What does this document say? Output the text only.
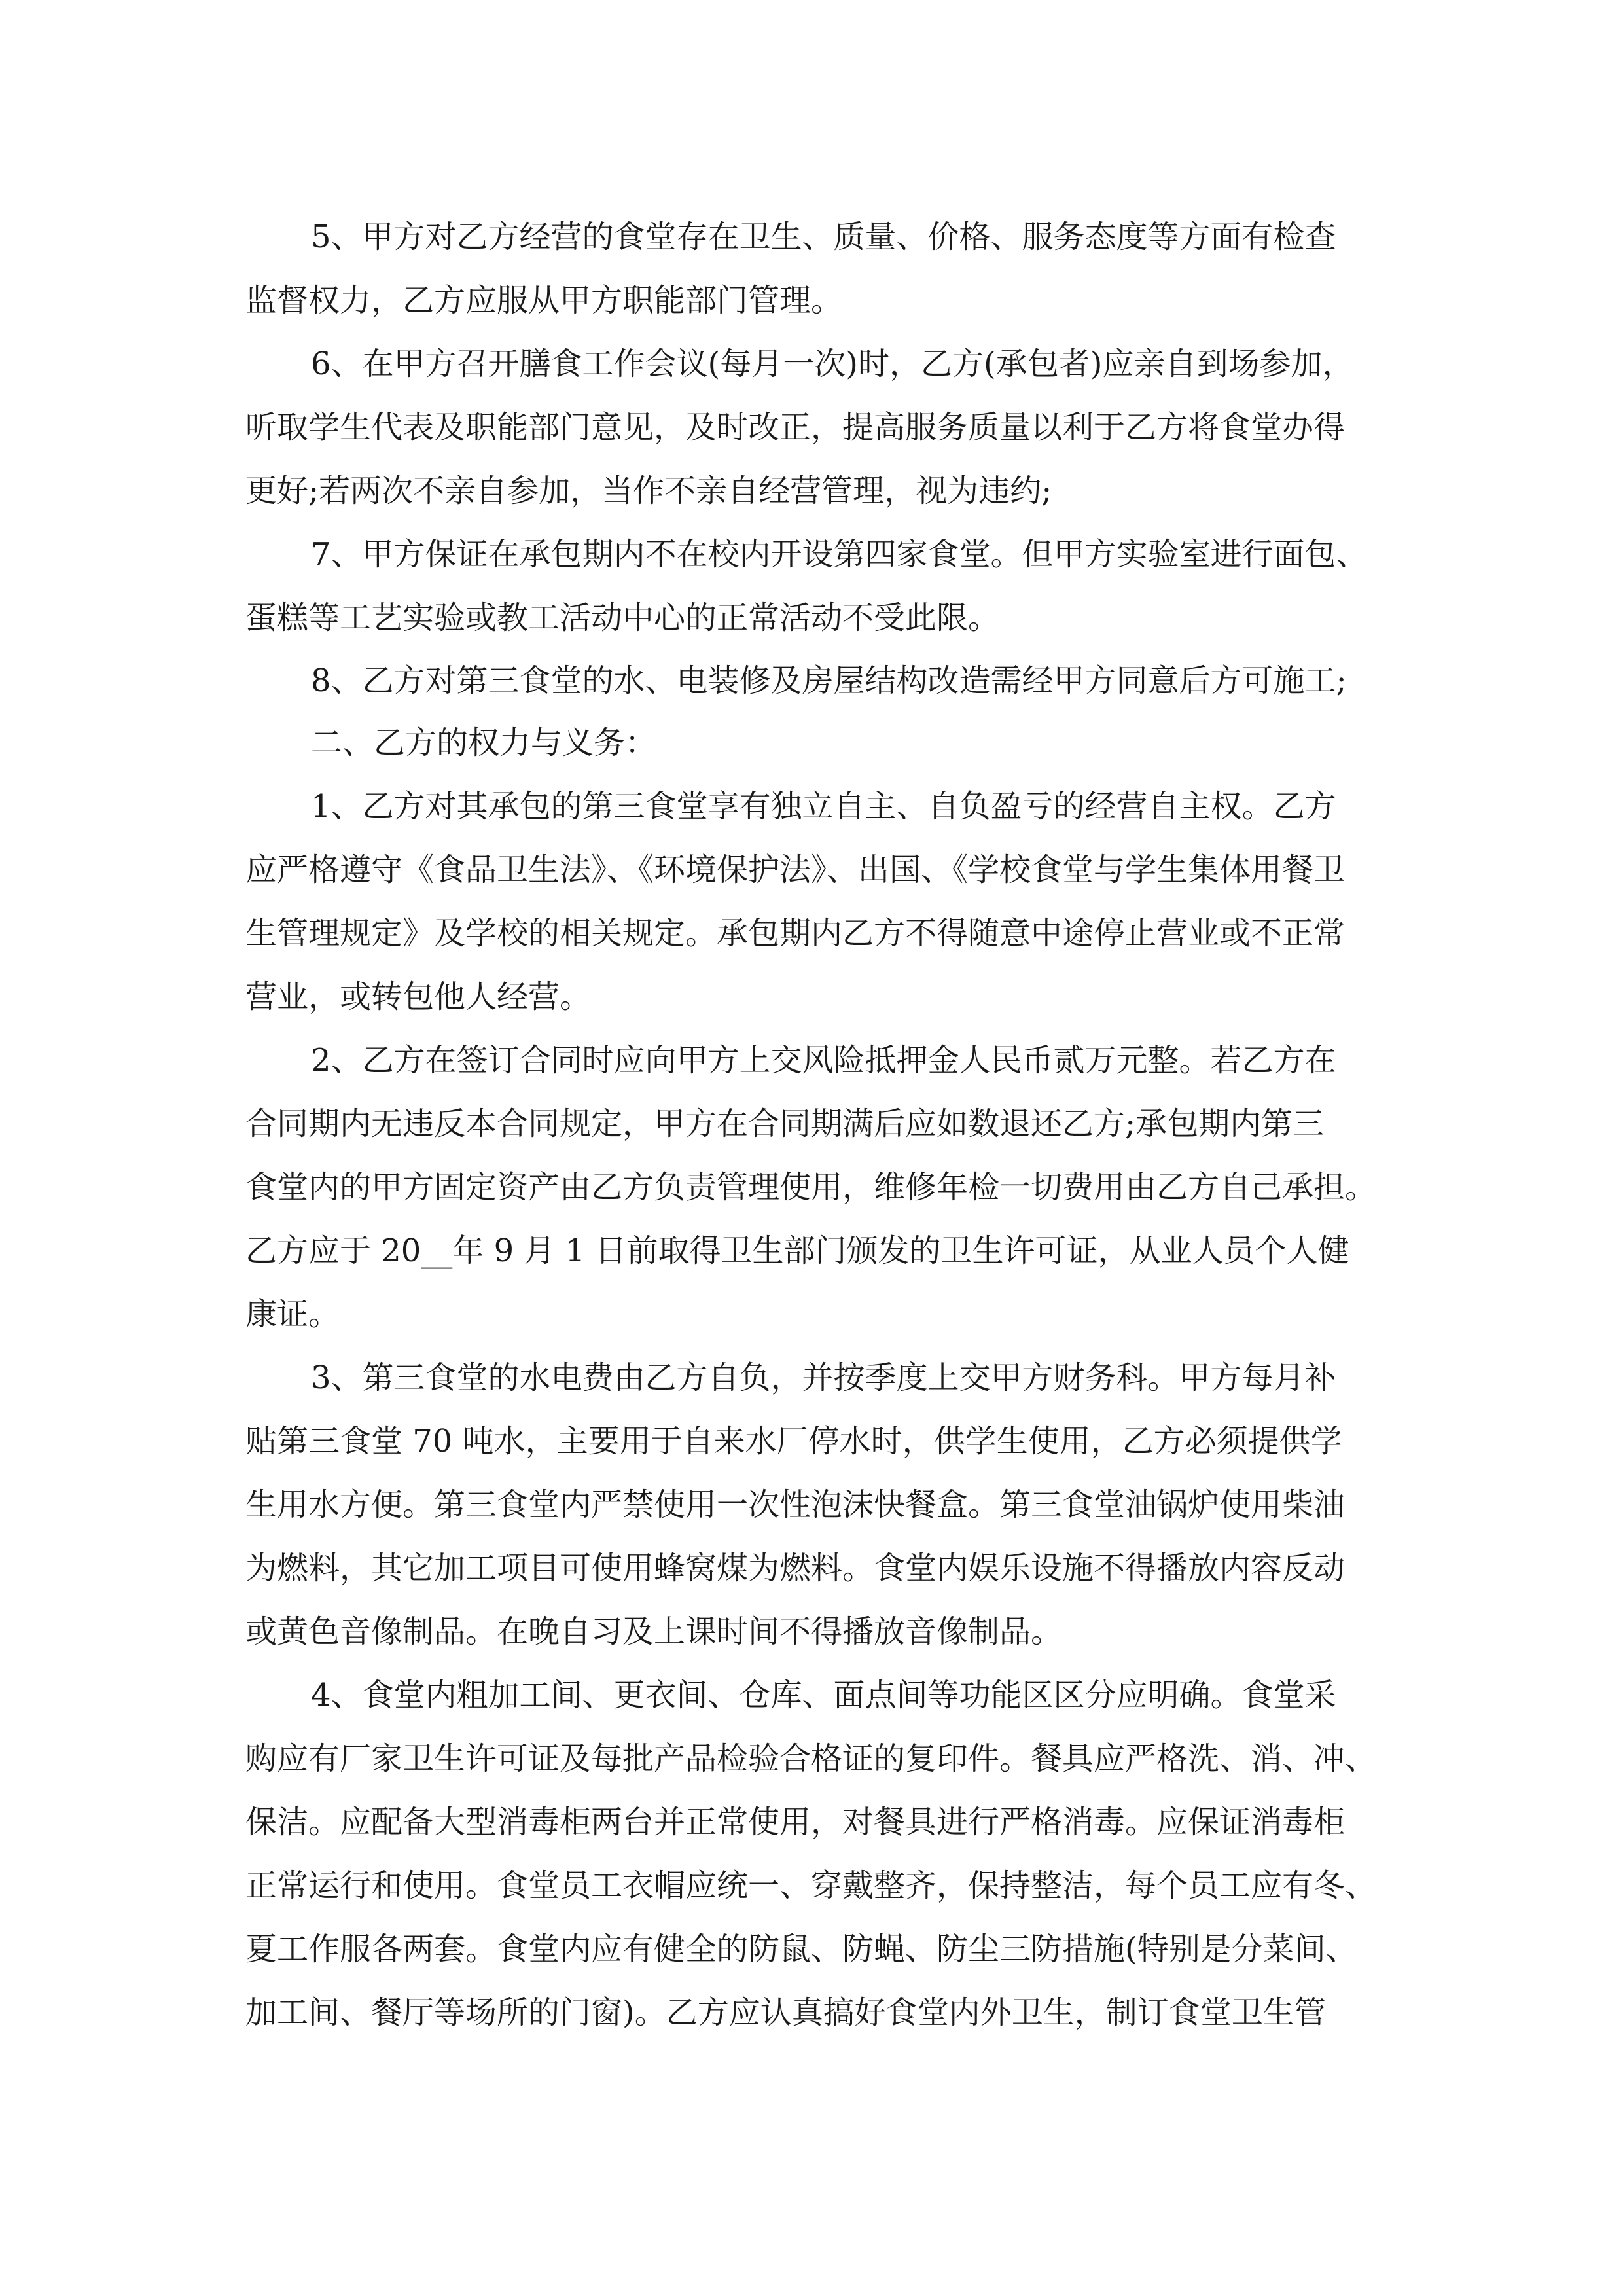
5、甲方对乙方经营的食堂存在卫生、质量、价格、服务态度等方面有检查

监督权力，乙方应服从甲方职能部门管理。

6、在甲方召开膳食工作会议(每月一次)时，乙方(承包者)应亲自到场参加，

听取学生代表及职能部门意见，及时改正，提高服务质量以利于乙方将食堂办得

更好;若两次不亲自参加，当作不亲自经营管理，视为违约;

7、甲方保证在承包期内不在校内开设第四家食堂。但甲方实验室进行面包、

蛋糕等工艺实验或教工活动中心的正常活动不受此限。

8、乙方对第三食堂的水、电装修及房屋结构改造需经甲方同意后方可施工;

二、乙方的权力与义务：

1、乙方对其承包的第三食堂享有独立自主、自负盈亏的经营自主权。乙方

应严格遵守《食品卫生法》、《环境保护法》、出国、《学校食堂与学生集体用餐卫

生管理规定》及学校的相关规定。承包期内乙方不得随意中途停止营业或不正常

营业，或转包他人经营。

2、乙方在签订合同时应向甲方上交风险抵押金人民币贰万元整。若乙方在

合同期内无违反本合同规定，甲方在合同期满后应如数退还乙方;承包期内第三

食堂内的甲方固定资产由乙方负责管理使用，维修年检一切费用由乙方自己承担。

乙方应于 20__年 9 月 1 日前取得卫生部门颁发的卫生许可证，从业人员个人健

康证。

3、第三食堂的水电费由乙方自负，并按季度上交甲方财务科。甲方每月补

贴第三食堂 70 吨水，主要用于自来水厂停水时，供学生使用，乙方必须提供学

生用水方便。第三食堂内严禁使用一次性泡沫快餐盒。第三食堂油锅炉使用柴油

为燃料，其它加工项目可使用蜂窝煤为燃料。食堂内娱乐设施不得播放内容反动

或黄色音像制品。在晚自习及上课时间不得播放音像制品。

4、食堂内粗加工间、更衣间、仓库、面点间等功能区区分应明确。食堂采

购应有厂家卫生许可证及每批产品检验合格证的复印件。餐具应严格洗、消、冲、

保洁。应配备大型消毒柜两台并正常使用，对餐具进行严格消毒。应保证消毒柜

正常运行和使用。食堂员工衣帽应统一、穿戴整齐，保持整洁，每个员工应有冬、

夏工作服各两套。食堂内应有健全的防鼠、防蝇、防尘三防措施(特别是分菜间、

加工间、餐厅等场所的门窗)。乙方应认真搞好食堂内外卫生，制订食堂卫生管
